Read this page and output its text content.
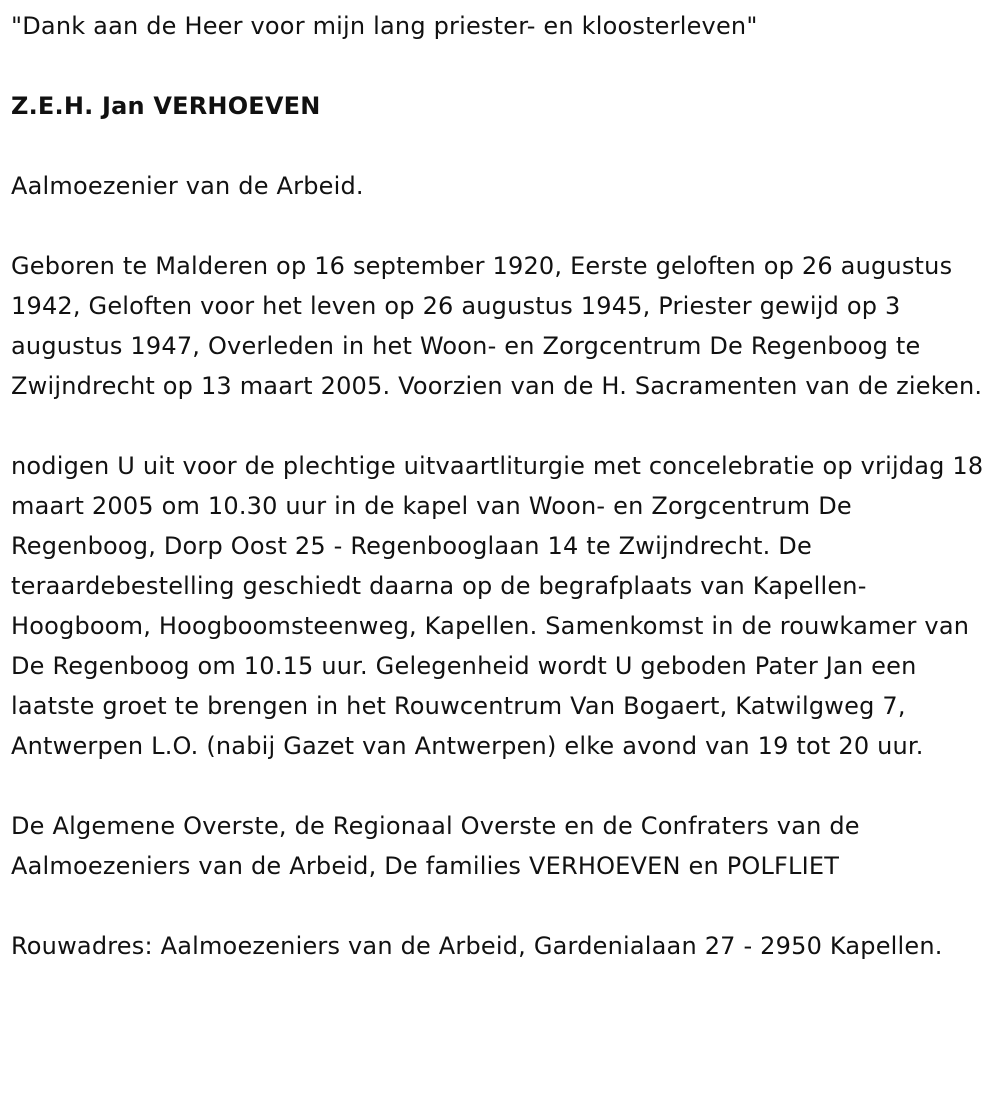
"Dank aan de Heer voor mijn lang priester- en kloosterleven"

Z.E.H. Jan VERHOEVEN

Aalmoezenier van de Arbeid.

Geboren te Malderen op 16 september 1920, Eerste geloften op 26 augustus 1942, Geloften voor het leven op 26 augustus 1945, Priester gewijd op 3 augustus 1947, Overleden in het Woon- en Zorgcentrum De Regenboog te Zwijndrecht op 13 maart 2005. Voorzien van de H. Sacramenten van de zieken.

nodigen U uit voor de plechtige uitvaartliturgie met concelebratie op vrijdag 18 maart 2005 om 10.30 uur in de kapel van Woon- en Zorgcentrum De Regenboog, Dorp Oost 25 - Regenbooglaan 14 te Zwijndrecht. De teraardebestelling geschiedt daarna op de begrafplaats van Kapellen-Hoogboom, Hoogboomsteenweg, Kapellen. Samenkomst in de rouwkamer van De Regenboog om 10.15 uur. Gelegenheid wordt U geboden Pater Jan een laatste groet te brengen in het Rouwcentrum Van Bogaert, Katwilgweg 7, Antwerpen L.O. (nabij Gazet van Antwerpen) elke avond van 19 tot 20 uur.

De Algemene Overste, de Regionaal Overste en de Confraters van de Aalmoezeniers van de Arbeid, De families VERHOEVEN en POLFLIET

Rouwadres: Aalmoezeniers van de Arbeid, Gardenialaan 27 - 2950 Kapellen.
